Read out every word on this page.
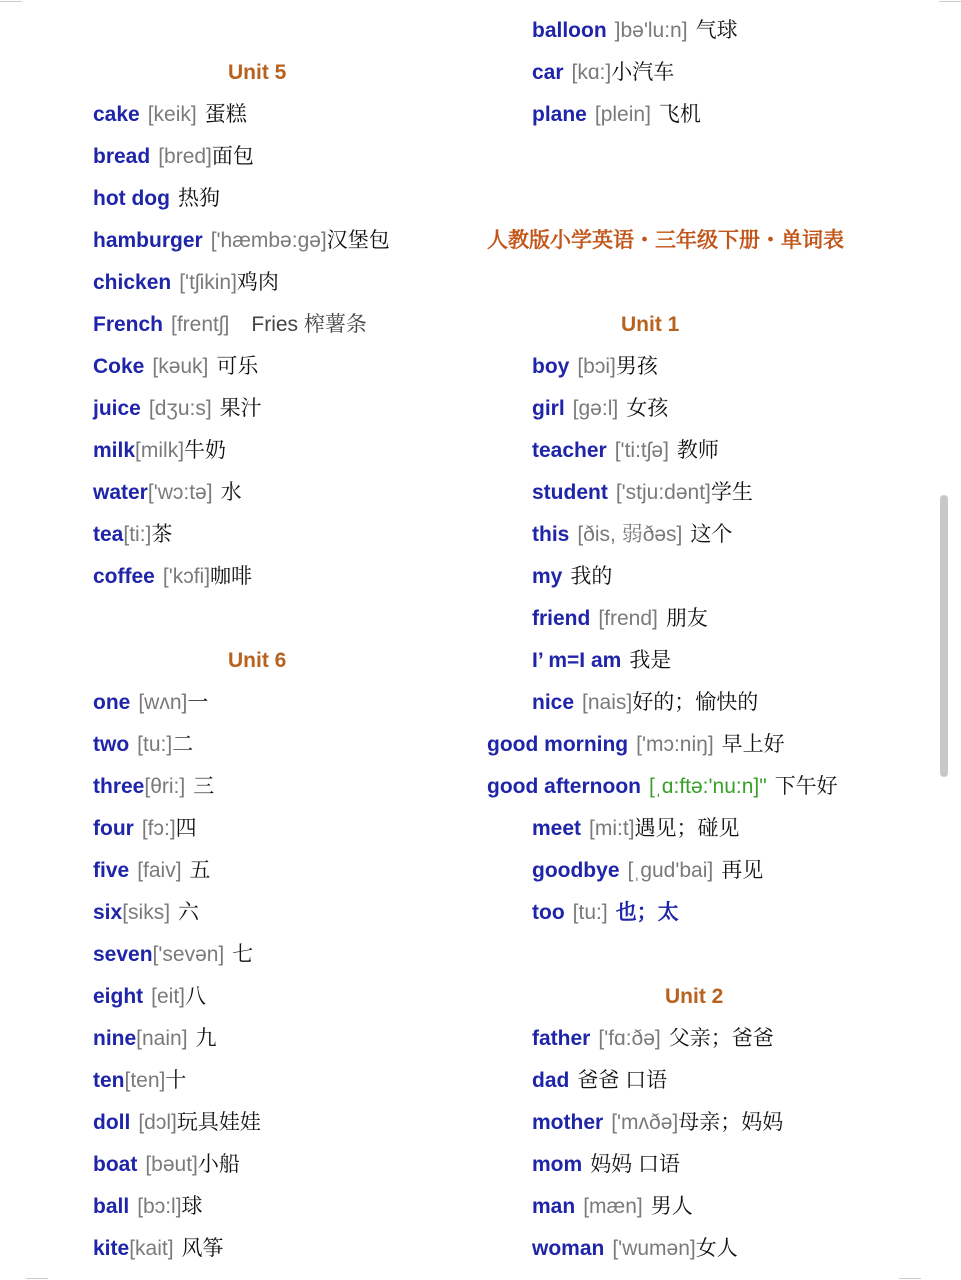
Unit 5
cake [keik] 蛋糕
bread [bred]面包
hot dog 热狗
hamburger ['hæmbə:gə]汉堡包
chicken ['tʃikin]鸡肉
French [frentʃ] Fries 榨薯条
Coke [kəuk] 可乐
juice [dʒu:s] 果汁
milk[milk]牛奶
water['wɔ:tə] 水
tea[ti:]茶
coffee ['kɔfi]咖啡
Unit 6
one [wʌn]一
two [tu:]二
three[θri:] 三
four [fɔ:]四
five [faiv] 五
six[siks] 六
seven['sevən] 七
eight [eit]八
nine[nain] 九
ten[ten]十
doll [dɔl]玩具娃娃
boat [bəut]小船
ball [bɔ:l]球
kite[kait] 风筝
balloon ]bə'lu:n] 气球
car [kɑ:]小汽车
plane [plein] 飞机
人教版小学英语・三年级下册・单词表
Unit 1
boy [bɔi]男孩
girl [gə:l] 女孩
teacher ['ti:tʃə] 教师
student ['stju:dənt]学生
this [ðis, 弱ðəs] 这个
my 我的
friend [frend] 朋友
I’ m=I am 我是
nice [nais]好的；愉快的
good morning ['mɔ:niŋ] 早上好
good afternoon [ˌɑ:ftə:'nu:n]" 下午好
meet [mi:t]遇见；碰见
goodbye [ˌgud'bai] 再见
too [tu:] 也；太
Unit 2
father ['fɑ:ðə] 父亲；爸爸
dad 爸爸 口语
mother ['mʌðə]母亲；妈妈
mom 妈妈 口语
man [mæn] 男人
woman ['wumən]女人
